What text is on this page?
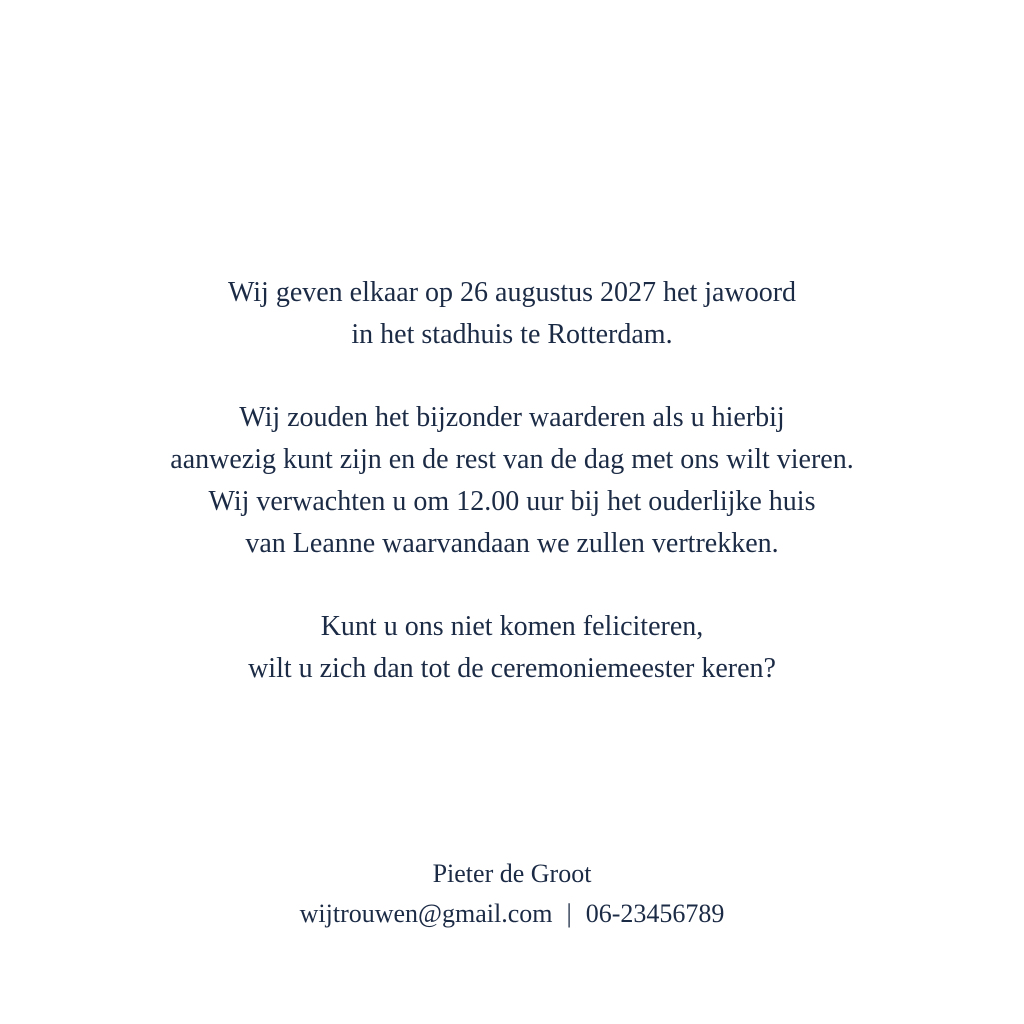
Wij geven elkaar op 26 augustus 2027 het jawoord
in het stadhuis te Rotterdam.

Wij zouden het bijzonder waarderen als u hierbij
aanwezig kunt zijn en de rest van de dag met ons wilt vieren.
Wij verwachten u om 12.00 uur bij het ouderlijke huis
van Leanne waarvandaan we zullen vertrekken.

Kunt u ons niet komen feliciteren,
wilt u zich dan tot de ceremoniemeester keren?

Pieter de Groot
wijtrouwen@gmail.com | 06-23456789
